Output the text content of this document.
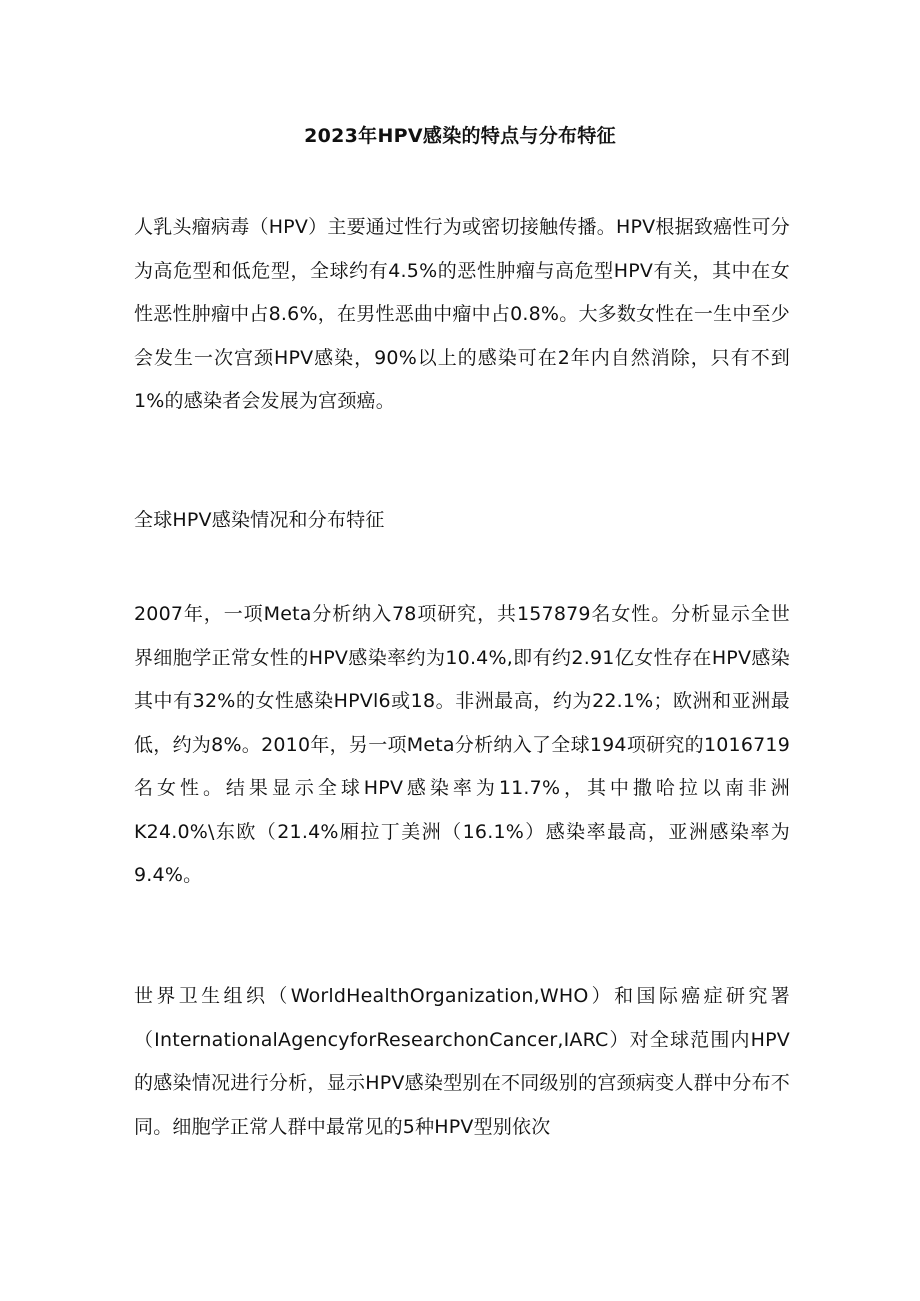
2023年HPV感染的特点与分布特征

人乳头瘤病毒（HPV）主要通过性行为或密切接触传播。HPV根据致癌性可分为高危型和低危型，全球约有4.5%的恶性肿瘤与高危型HPV有关，其中在女性恶性肿瘤中占8.6%，在男性恶曲中瘤中占0.8%。大多数女性在一生中至少会发生一次宫颈HPV感染，90%以上的感染可在2年内自然消除，只有不到1%的感染者会发展为宫颈癌。

全球HPV感染情况和分布特征

2007年，一项Meta分析纳入78项研究，共157879名女性。分析显示全世界细胞学正常女性的HPV感染率约为10.4%,即有约2.91亿女性存在HPV感染其中有32%的女性感染HPVl6或18。非洲最高，约为22.1%；欧洲和亚洲最低，约为8%。2010年，另一项Meta分析纳入了全球194项研究的1016719名女性。结果显示全球HPV感染率为11.7%，其中撒哈拉以南非洲K24.0%\东欧（21.4%厢拉丁美洲（16.1%）感染率最高，亚洲感染率为9.4%。

世界卫生组织（WorldHealthOrganization,WHO）和国际癌症研究署（InternationalAgencyforResearchonCancer,IARC）对全球范围内HPV的感染情况进行分析，显示HPV感染型别在不同级别的宫颈病变人群中分布不同。细胞学正常人群中最常见的5种HPV型别依次
